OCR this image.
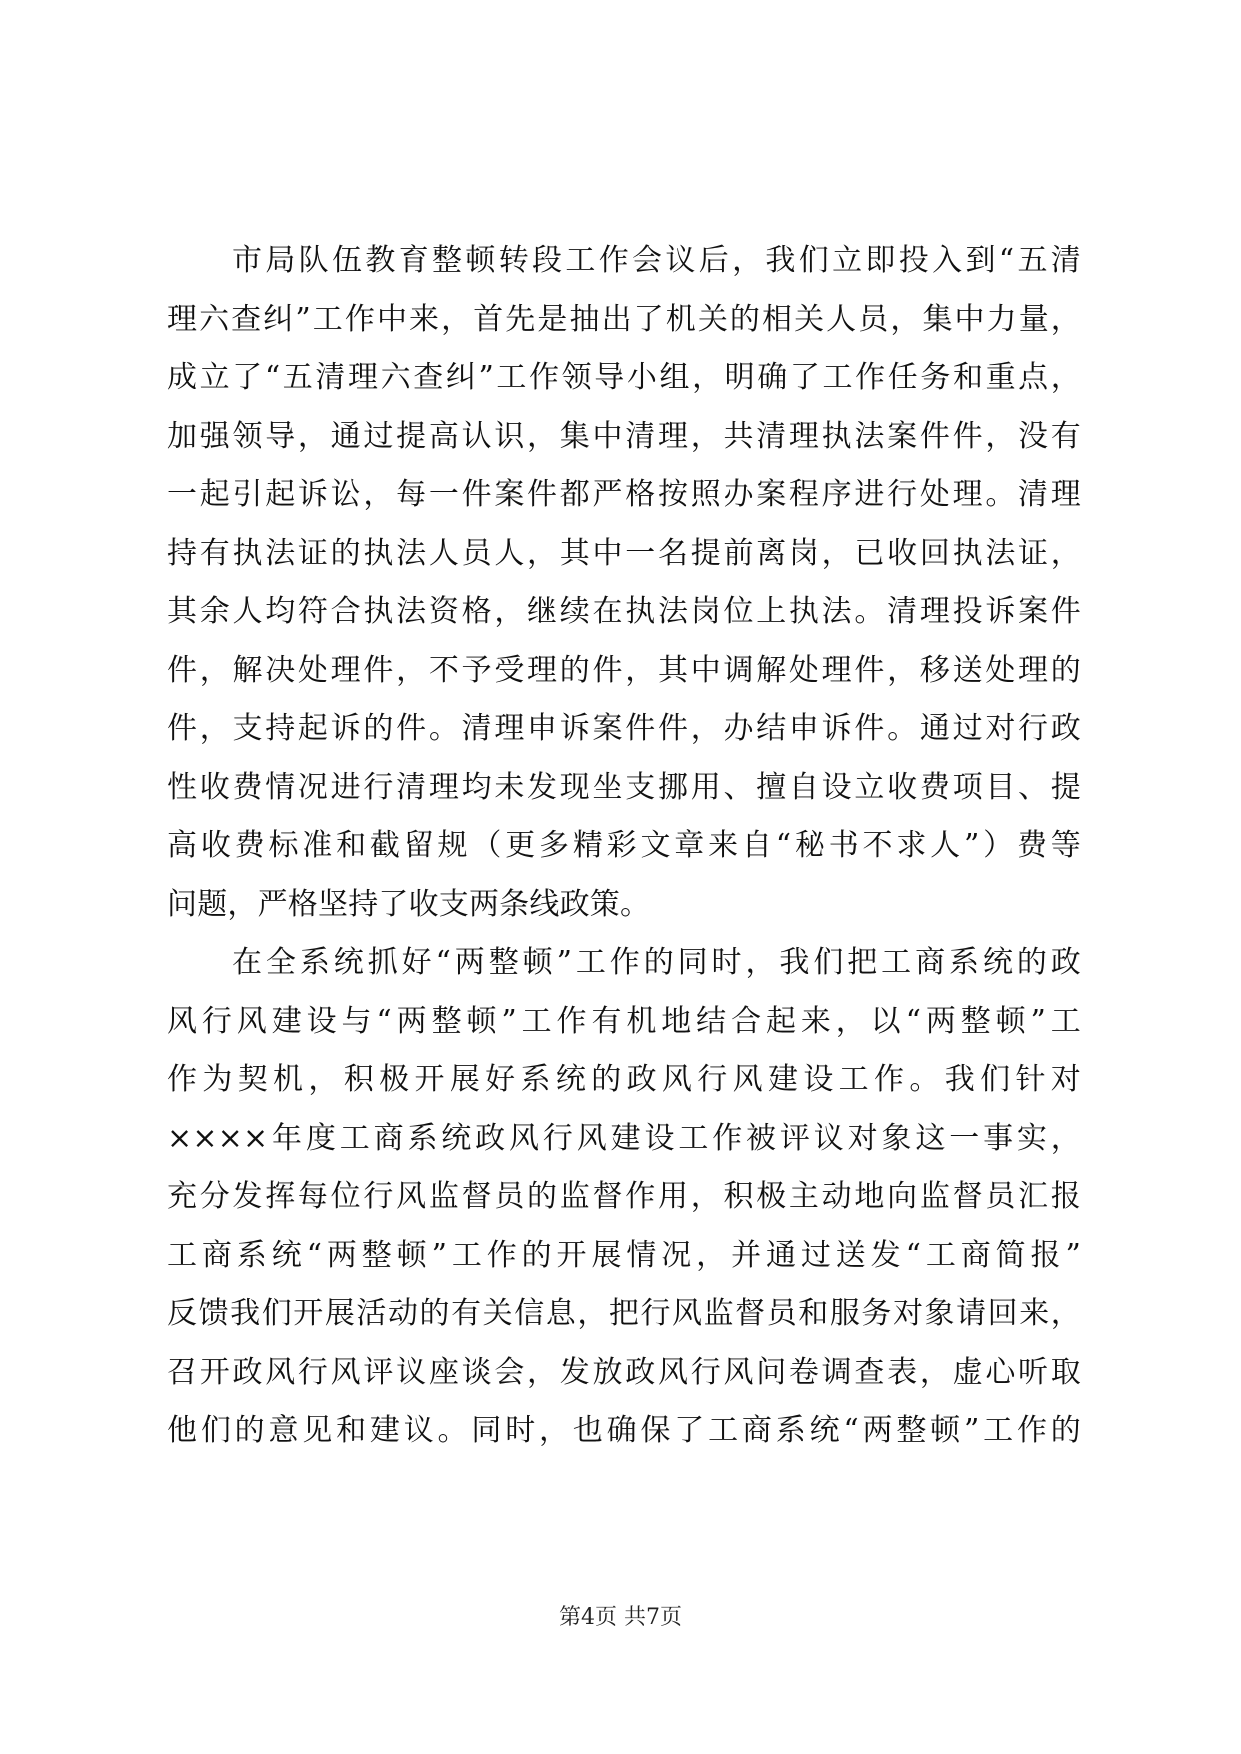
市局队伍教育整顿转段工作会议后，我们立即投入到“五清
理六查纠”工作中来，首先是抽出了机关的相关人员，集中力量，
成立了“五清理六查纠”工作领导小组，明确了工作任务和重点，
加强领导，通过提高认识，集中清理，共清理执法案件件，没有
一起引起诉讼，每一件案件都严格按照办案程序进行处理。清理
持有执法证的执法人员人，其中一名提前离岗，已收回执法证，
其余人均符合执法资格，继续在执法岗位上执法。清理投诉案件
件，解决处理件，不予受理的件，其中调解处理件，移送处理的
件，支持起诉的件。清理申诉案件件，办结申诉件。通过对行政
性收费情况进行清理均未发现坐支挪用、擅自设立收费项目、提
高收费标准和截留规（更多精彩文章来自“秘书不求人”）费等
问题，严格坚持了收支两条线政策。
在全系统抓好“两整顿”工作的同时，我们把工商系统的政
风行风建设与“两整顿”工作有机地结合起来，以“两整顿”工
作为契机，积极开展好系统的政风行风建设工作。我们针对
××××年度工商系统政风行风建设工作被评议对象这一事实，
充分发挥每位行风监督员的监督作用，积极主动地向监督员汇报
工商系统“两整顿”工作的开展情况，并通过送发“工商简报”
反馈我们开展活动的有关信息，把行风监督员和服务对象请回来，
召开政风行风评议座谈会，发放政风行风问卷调查表，虚心听取
他们的意见和建议。同时，也确保了工商系统“两整顿”工作的
第4页 共7页
